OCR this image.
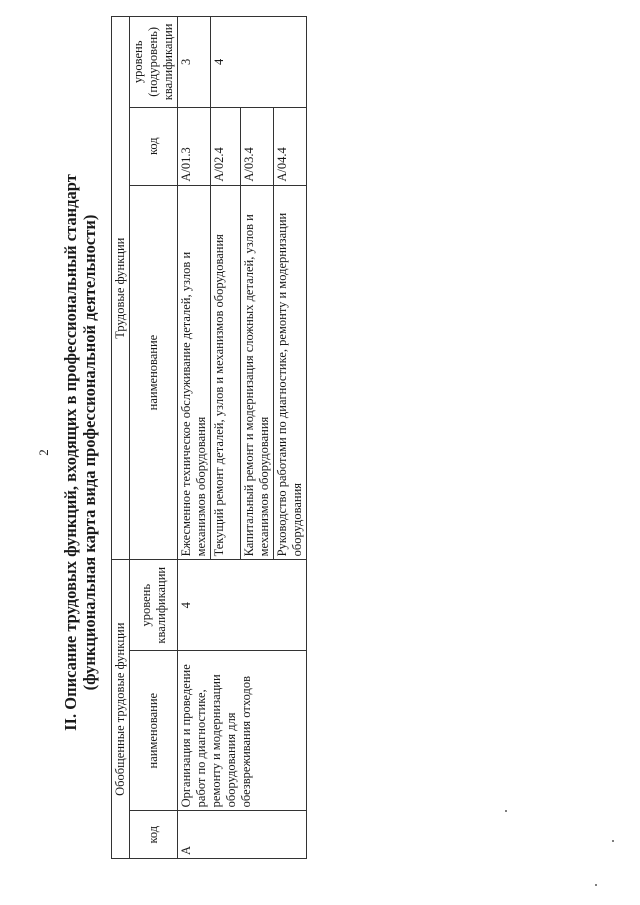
2 II. Описание трудовых функций, входящих в профессиональный стандарт (функциональная карта вида профессиональной деятельности)
Обобщенные трудовые функции			Трудовые функции		
код	наименование	уровень квалификации	наименование	код	уровень (подуровень) квалификации
A	Организация и проведение работ по диагностике, ремонту и модернизации оборудования для обезвреживания отходов	4	Ежесменное техническое обслуживание деталей, узлов и механизмов оборудования	A/01.3	3
			Текущий ремонт деталей, узлов и механизмов оборудования	A/02.4	4
			Капитальный ремонт и модернизация сложных деталей, узлов и механизмов оборудования	A/03.4	
			Руководство работами по диагностике, ремонту и модернизации оборудования	A/04.4	
